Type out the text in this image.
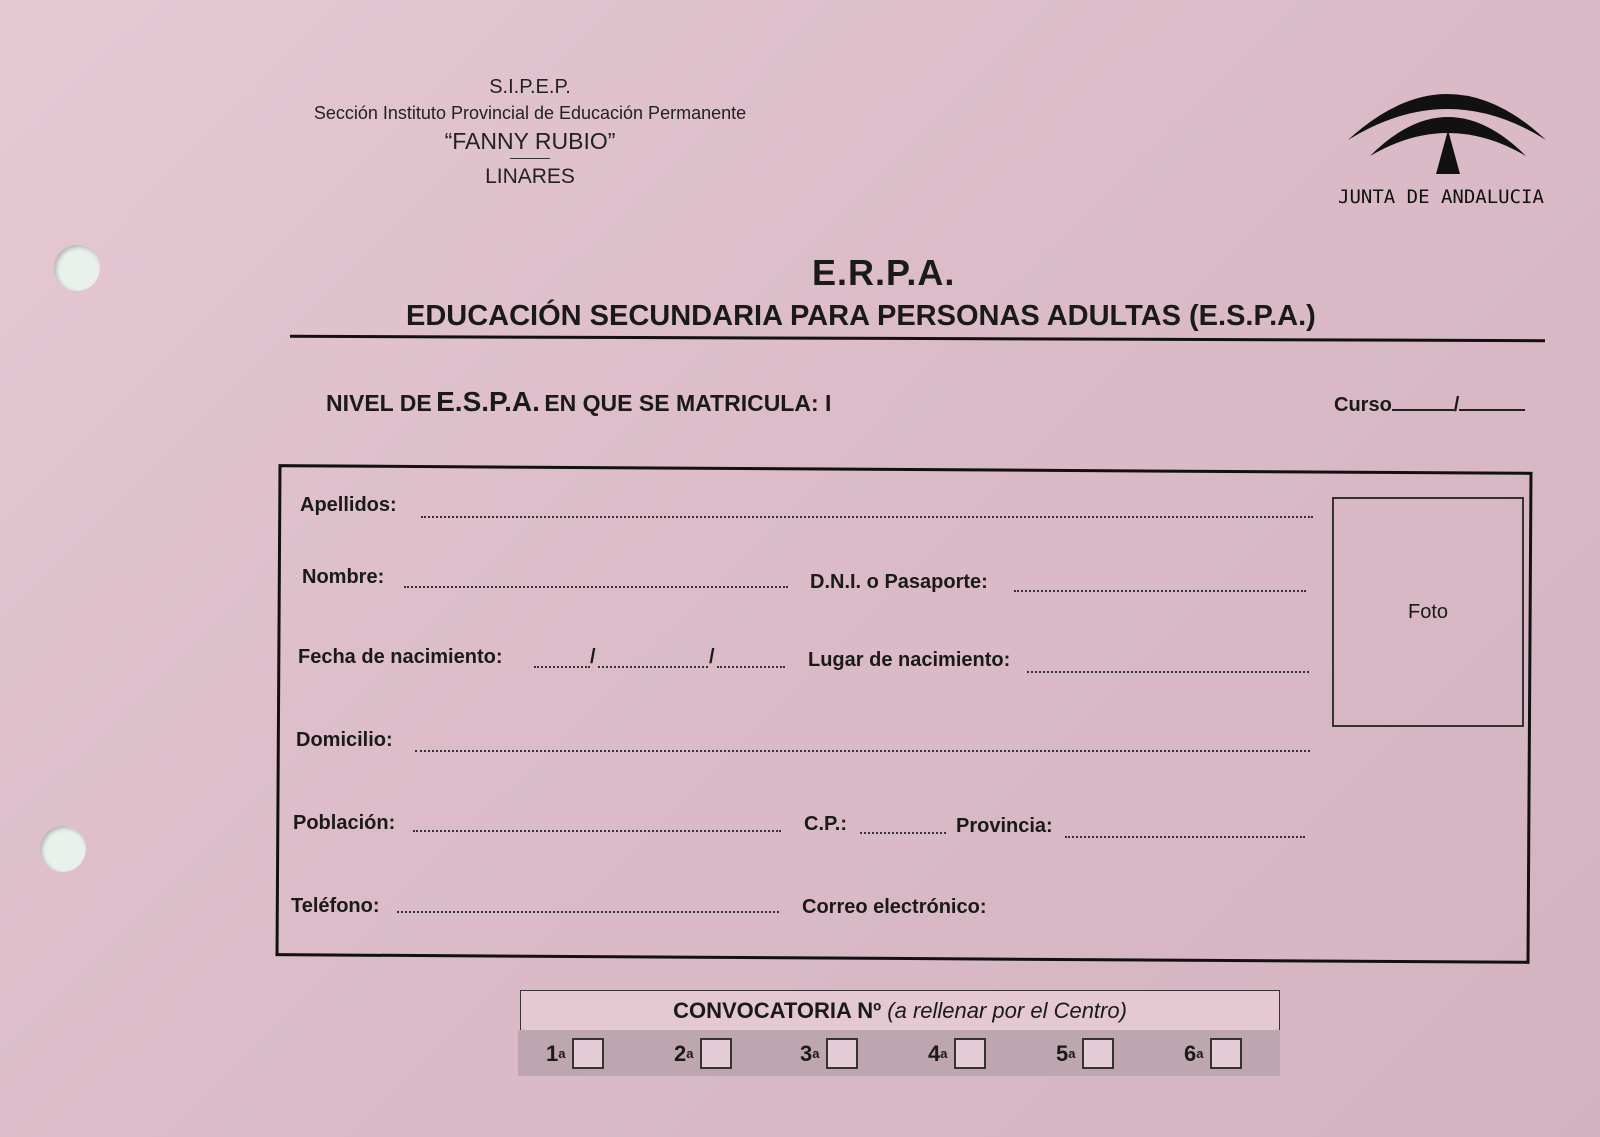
S.I.P.E.P.
Sección Instituto Provincial de Educación Permanente
“FANNY RUBIO”
LINARES
JUNTA DE ANDALUCIA
E.R.P.A.
EDUCACIÓN SECUNDARIA PARA PERSONAS ADULTAS (E.S.P.A.)
NIVEL DE E.S.P.A. EN QUE SE MATRICULA: I	Curso	/
Foto
Apellidos:
Nombre:	D.N.I. o Pasaporte:
Fecha de nacimiento:	/	/	Lugar de nacimiento:
Domicilio:
Población:	C.P.:	Provincia:
Teléfono:	Correo electrónico:
CONVOCATORIA Nº
(a rellenar por el Centro)
1 a	2 a	3 a	4 a	5 a	6 a
